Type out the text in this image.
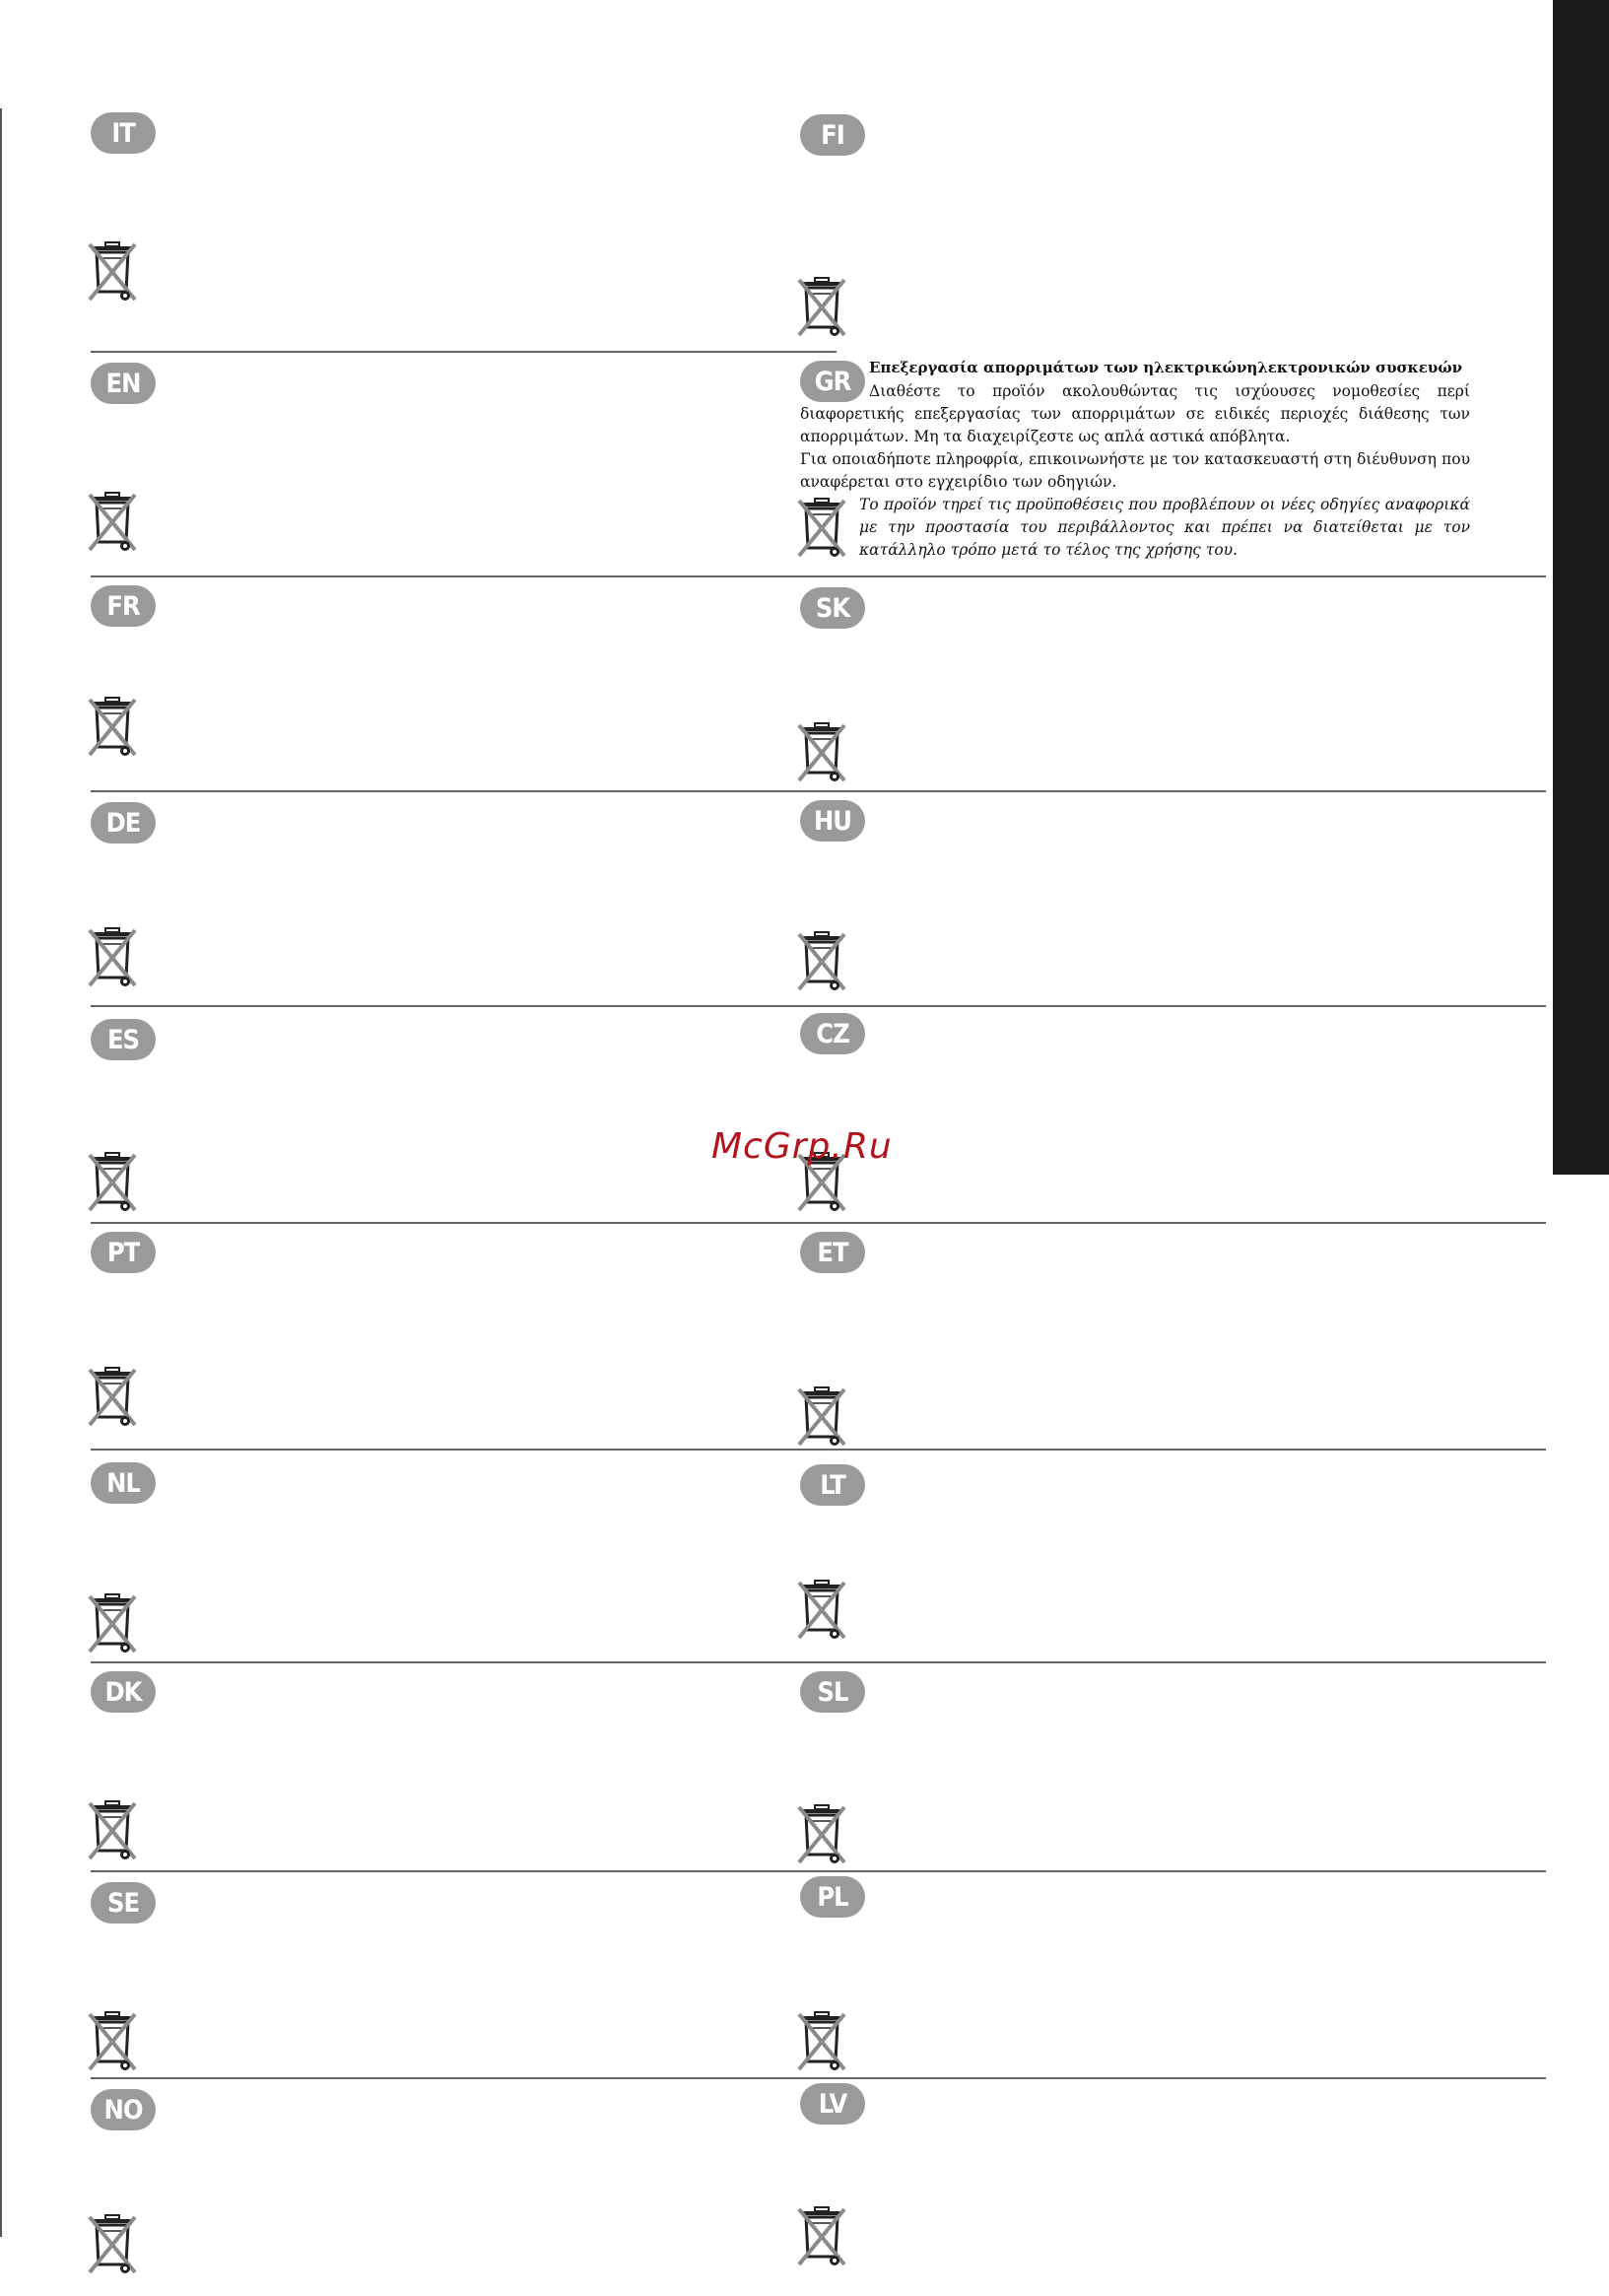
IT
EN
FR
DE
ES
PT
NL
DK
SE
NO
FI
GR	Επεξεργασία απορριμάτων των ηλεκτρικώνηλεκτρονικών συσκευών
Διαθέστε το προϊόν ακολουθώντας τις ισχύουσες νομοθεσίες περί διαφορετικής επεξεργασίας των απορριμάτων σε ειδικές περιοχές διάθεσης των απορριμάτων. Μη τα διαχειρίζεστε ως απλά αστικά απόβλητα.
Για οποιαδήποτε πληροφρία, επικοινωνήστε με τον κατασκευαστή στη διέυθυνση που αναφέρεται στο εγχειρίδιο των οδηγιών.
Το προϊόν τηρεί τις προϋποθέσεις που προβλέπουν οι νέες οδηγίες αναφορικά με την προστασία του περιβάλλοντος και πρέπει να διατείθεται με τον κατάλληλο τρόπο μετά το τέλος της χρήσης του.
SK
HU
CZ
ET
LT
SL
PL
LV
McGrp.Ru
